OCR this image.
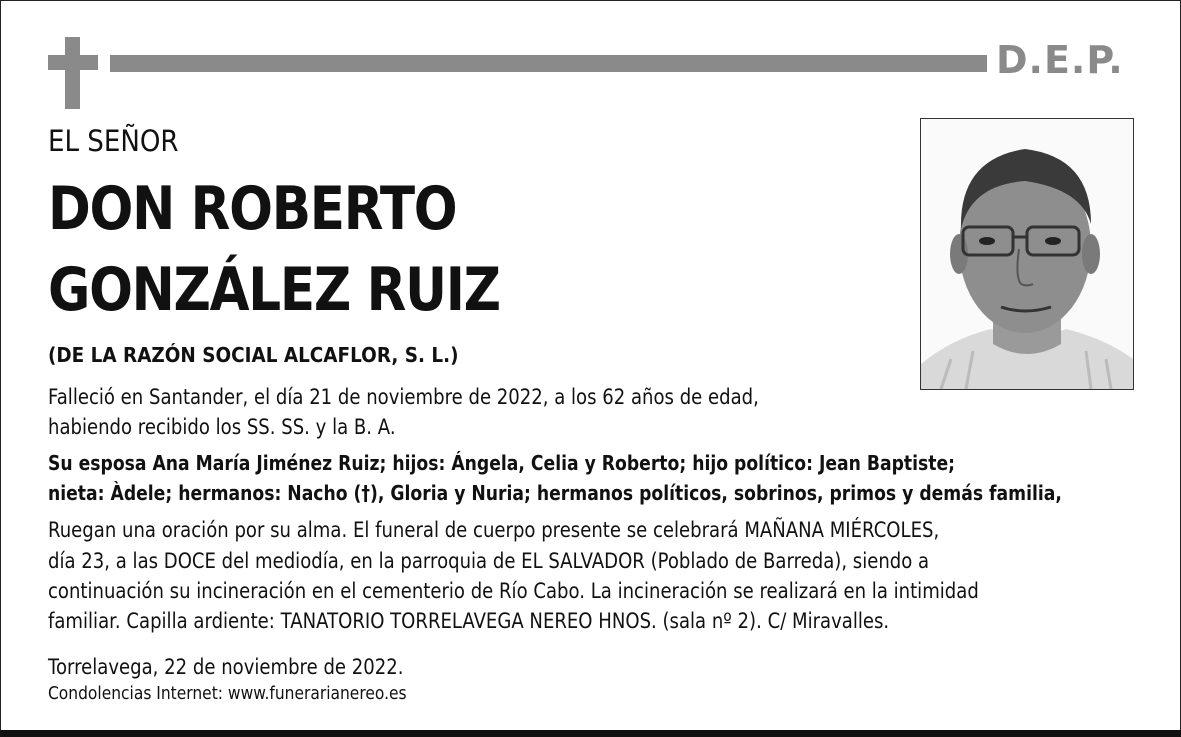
D.E.P.
EL SEÑOR
DON ROBERTO
GONZÁLEZ RUIZ
(DE LA RAZÓN SOCIAL ALCAFLOR, S. L.)
Falleció en Santander, el día 21 de noviembre de 2022, a los 62 años de edad,
habiendo recibido los SS. SS. y la B. A.
Su esposa Ana María Jiménez Ruiz; hijos: Ángela, Celia y Roberto; hijo político: Jean Baptiste;
nieta: Àdele; hermanos: Nacho (†), Gloria y Nuria; hermanos políticos, sobrinos, primos y demás familia,
Ruegan una oración por su alma. El funeral de cuerpo presente se celebrará MAÑANA MIÉRCOLES,
día 23, a las DOCE del mediodía, en la parroquia de EL SALVADOR (Poblado de Barreda), siendo a
continuación su incineración en el cementerio de Río Cabo. La incineración se realizará en la intimidad
familiar. Capilla ardiente: TANATORIO TORRELAVEGA NEREO HNOS. (sala nº 2). C/ Miravalles.
Torrelavega, 22 de noviembre de 2022.
Condolencias Internet: www.funerarianereo.es
